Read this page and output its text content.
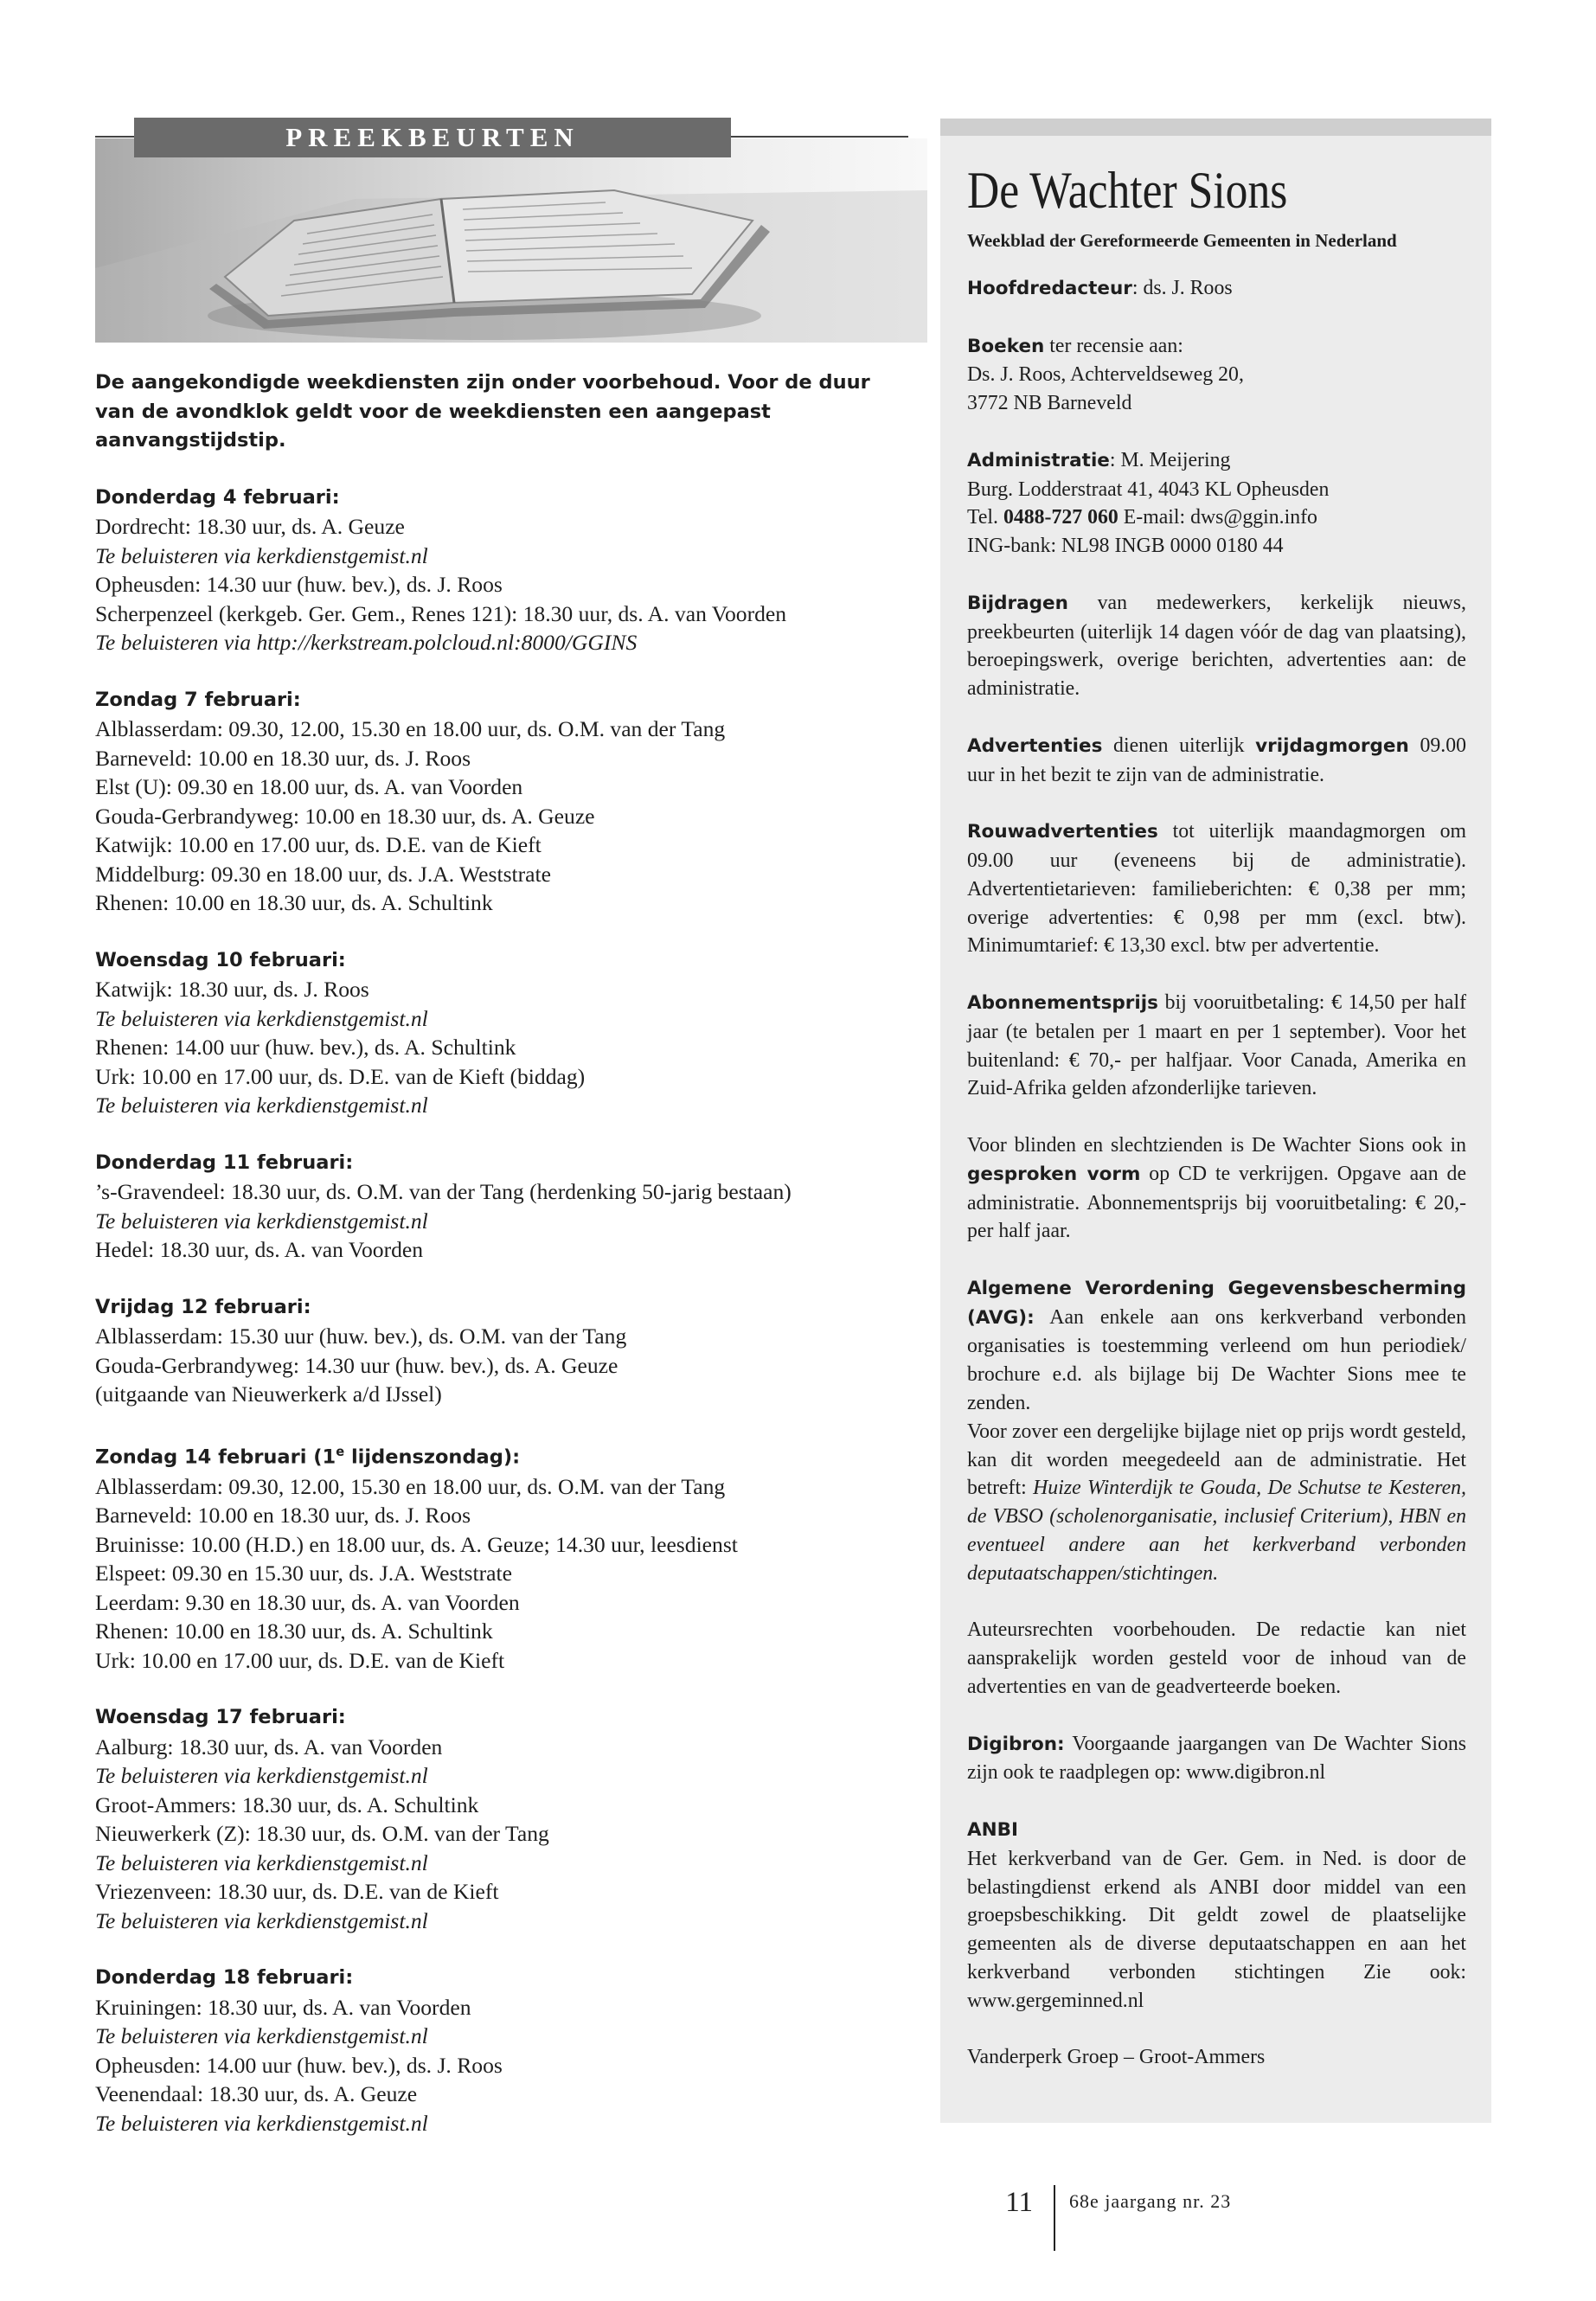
PREEKBEURTEN
De aangekondigde weekdiensten zijn onder voorbehoud. Voor de duur van de avondklok geldt voor de weekdiensten een aangepast aanvangstijdstip.
Donderdag 4 februari:
Dordrecht: 18.30 uur, ds. A. Geuze
Te beluisteren via kerkdienstgemist.nl
Opheusden: 14.30 uur (huw. bev.), ds. J. Roos
Scherpenzeel (kerkgeb. Ger. Gem., Renes 121): 18.30 uur, ds. A. van Voorden
Te beluisteren via http://kerkstream.polcloud.nl:8000/GGINS
Zondag 7 februari:
Alblasserdam: 09.30, 12.00, 15.30 en 18.00 uur, ds. O.M. van der Tang
Barneveld: 10.00 en 18.30 uur, ds. J. Roos
Elst (U): 09.30 en 18.00 uur, ds. A. van Voorden
Gouda-Gerbrandyweg: 10.00 en 18.30 uur, ds. A. Geuze
Katwijk: 10.00 en 17.00 uur, ds. D.E. van de Kieft
Middelburg: 09.30 en 18.00 uur, ds. J.A. Weststrate
Rhenen: 10.00 en 18.30 uur, ds. A. Schultink
Woensdag 10 februari:
Katwijk: 18.30 uur, ds. J. Roos
Te beluisteren via kerkdienstgemist.nl
Rhenen: 14.00 uur (huw. bev.), ds. A. Schultink
Urk: 10.00 en 17.00 uur, ds. D.E. van de Kieft (biddag)
Te beluisteren via kerkdienstgemist.nl
Donderdag 11 februari:
’s-Gravendeel: 18.30 uur, ds. O.M. van der Tang (herdenking 50-jarig bestaan)
Te beluisteren via kerkdienstgemist.nl
Hedel: 18.30 uur, ds. A. van Voorden
Vrijdag 12 februari:
Alblasserdam: 15.30 uur (huw. bev.), ds. O.M. van der Tang
Gouda-Gerbrandyweg: 14.30 uur (huw. bev.), ds. A. Geuze
(uitgaande van Nieuwerkerk a/d IJssel)
Zondag 14 februari (1e lijdenszondag):
Alblasserdam: 09.30, 12.00, 15.30 en 18.00 uur, ds. O.M. van der Tang
Barneveld: 10.00 en 18.30 uur, ds. J. Roos
Bruinisse: 10.00 (H.D.) en 18.00 uur, ds. A. Geuze; 14.30 uur, leesdienst
Elspeet: 09.30 en 15.30 uur, ds. J.A. Weststrate
Leerdam: 9.30 en 18.30 uur, ds. A. van Voorden
Rhenen: 10.00 en 18.30 uur, ds. A. Schultink
Urk: 10.00 en 17.00 uur, ds. D.E. van de Kieft
Woensdag 17 februari:
Aalburg: 18.30 uur, ds. A. van Voorden
Te beluisteren via kerkdienstgemist.nl
Groot-Ammers: 18.30 uur, ds. A. Schultink
Nieuwerkerk (Z): 18.30 uur, ds. O.M. van der Tang
Te beluisteren via kerkdienstgemist.nl
Vriezenveen: 18.30 uur, ds. D.E. van de Kieft
Te beluisteren via kerkdienstgemist.nl
Donderdag 18 februari:
Kruiningen: 18.30 uur, ds. A. van Voorden
Te beluisteren via kerkdienstgemist.nl
Opheusden: 14.00 uur (huw. bev.), ds. J. Roos
Veenendaal: 18.30 uur, ds. A. Geuze
Te beluisteren via kerkdienstgemist.nl
De Wachter Sions
Weekblad der Gereformeerde Gemeenten in Nederland

Hoofdredacteur: ds. J. Roos

Boeken ter recensie aan:
Ds. J. Roos, Achterveldseweg 20,
3772 NB Barneveld

Administratie: M. Meijering
Burg. Lodderstraat 41, 4043 KL Opheusden
Tel. 0488-727 060 E-mail: dws@ggin.info
ING-bank: NL98 INGB 0000 0180 44

Bijdragen van medewerkers, kerkelijk nieuws, preekbeurten (uiterlijk 14 dagen vóór de dag van plaatsing), beroepingswerk, overige berichten, advertenties aan: de administratie.

Advertenties dienen uiterlijk vrijdagmorgen 09.00 uur in het bezit te zijn van de administratie.

Rouwadvertenties tot uiterlijk maandagmorgen om 09.00 uur (eveneens bij de administratie). Advertentietarieven: familieberichten: € 0,38 per mm; overige advertenties: € 0,98 per mm (excl. btw). Minimumtarief: € 13,30 excl. btw per advertentie.

Abonnementsprijs bij vooruitbetaling: € 14,50 per half jaar (te betalen per 1 maart en per 1 september). Voor het buitenland: € 70,- per halfjaar. Voor Canada, Amerika en Zuid-Afrika gelden afzonderlijke tarieven.

Voor blinden en slechtzienden is De Wachter Sions ook in gesproken vorm op CD te verkrijgen. Opgave aan de administratie. Abonnementsprijs bij vooruitbetaling: € 20,- per half jaar.

Algemene Verordening Gegevensbescherming (AVG): Aan enkele aan ons kerkverband verbonden organisaties is toestemming verleend om hun periodiek/ brochure e.d. als bijlage bij De Wachter Sions mee te zenden.
Voor zover een dergelijke bijlage niet op prijs wordt gesteld, kan dit worden meegedeeld aan de administratie. Het betreft: Huize Winterdijk te Gouda, De Schutse te Kesteren, de VBSO (scholenorganisatie, inclusief Criterium), HBN en eventueel andere aan het kerkverband verbonden deputaatschappen/stichtingen.

Auteursrechten voorbehouden. De redactie kan niet aansprakelijk worden gesteld voor de inhoud van de advertenties en van de geadverteerde boeken.

Digibron: Voorgaande jaargangen van De Wachter Sions zijn ook te raadplegen op: www.digibron.nl

ANBI
Het kerkverband van de Ger. Gem. in Ned. is door de belastingdienst erkend als ANBI door middel van een groepsbeschikking. Dit geldt zowel de plaatselijke gemeenten als de diverse deputaatschappen en aan het kerkverband verbonden stichtingen Zie ook: www.gergeminned.nl

Vanderperk Groep – Groot-Ammers

11 68e jaargang nr. 23
